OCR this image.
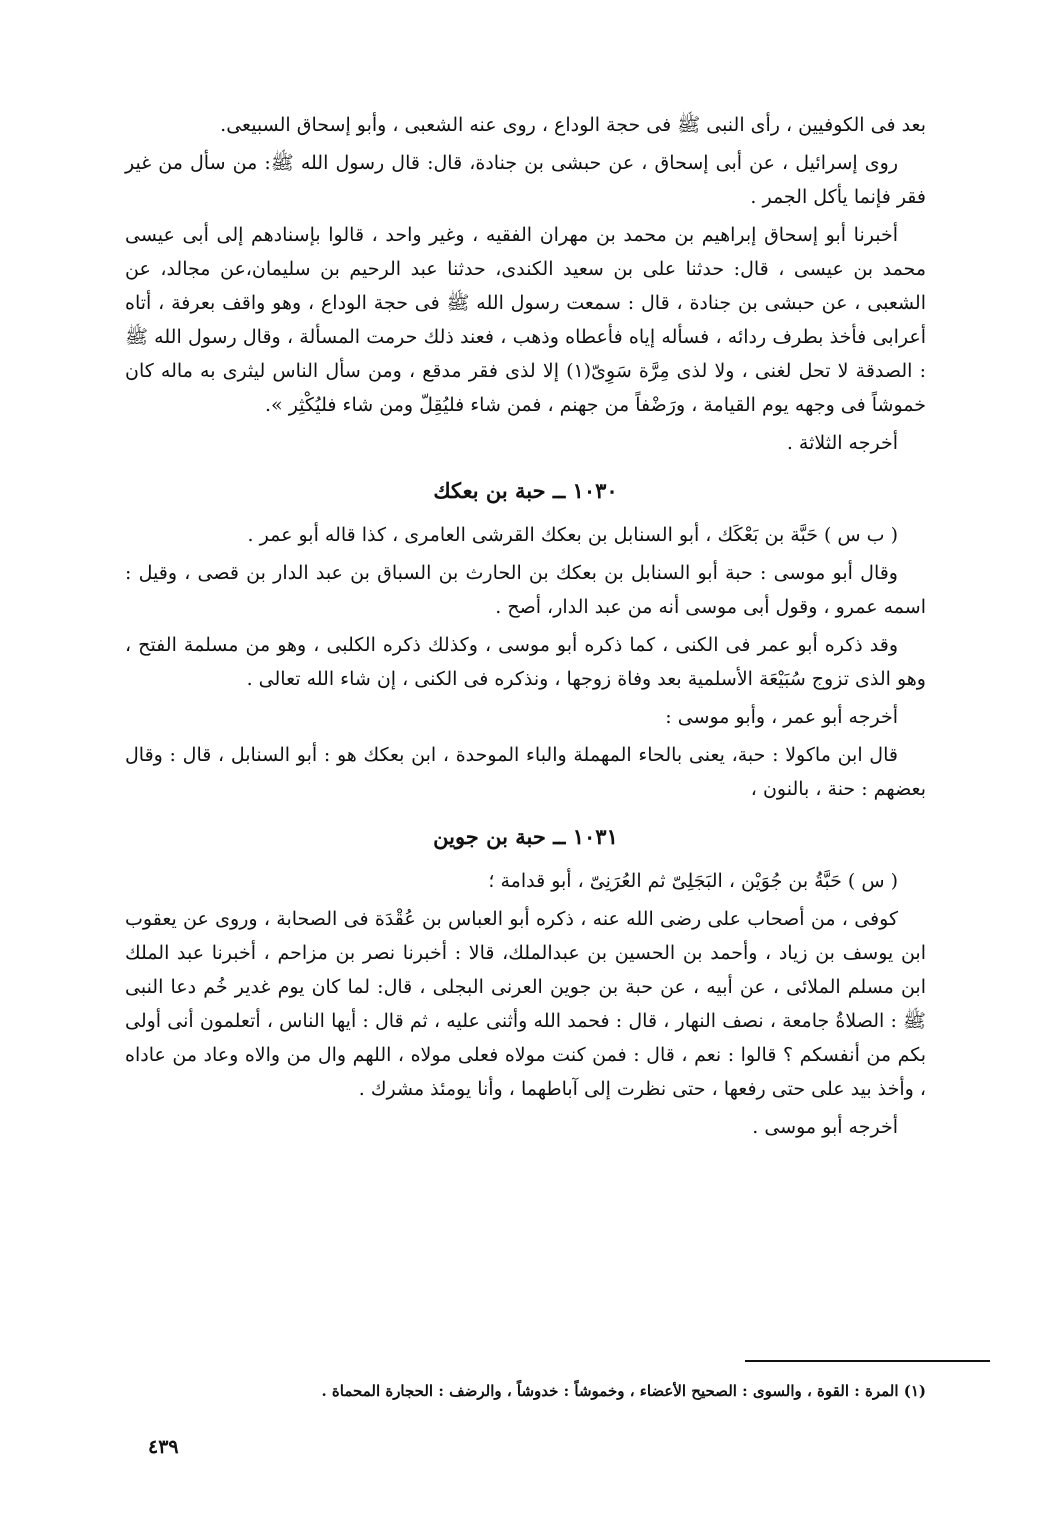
بعد فى الكوفيين ، رأى النبى ﷺ فى حجة الوداع ، روى عنه الشعبى ، وأبو إسحاق السبيعى.

روى إسرائيل ، عن أبى إسحاق ، عن حبشى بن جنادة، قال: قال رسول الله ﷺ: من سأل من غير فقر فإنما يأكل الجمر .

أخبرنا أبو إسحاق إبراهيم بن محمد بن مهران الفقيه ، وغير واحد ، قالوا بإسنادهم إلى أبى عيسى محمد بن عيسى ، قال: حدثنا على بن سعيد الكندى، حدثنا عبد الرحيم بن سليمان،عن مجالد، عن الشعبى ، عن حبشى بن جنادة ، قال : سمعت رسول الله ﷺ فى حجة الوداع ، وهو واقف بعرفة ، أتاه أعرابى فأخذ بطرف ردائه ، فسأله إياه فأعطاه وذهب ، فعند ذلك حرمت المسألة ، وقال رسول الله ﷺ : الصدقة لا تحل لغنى ، ولا لذى مِرَّة سَوِىّ(١) إلا لذى فقر مدقع ، ومن سأل الناس ليثرى به ماله كان خموشاً فى وجهه يوم القيامة ، ورَضْفاً من جهنم ، فمن شاء فليُقِلّ ومن شاء فليُكْثِر ».

أخرجه الثلاثة .

١٠٣٠ ــ حبة بن بعكك

( ب س ) حَبَّة بن بَعْكَك ، أبو السنابل بن بعكك القرشى العامرى ، كذا قاله أبو عمر .

وقال أبو موسى : حبة أبو السنابل بن بعكك بن الحارث بن السباق بن عبد الدار بن قصى ، وقيل : اسمه عمرو ، وقول أبى موسى أنه من عبد الدار، أصح .

وقد ذكره أبو عمر فى الكنى ، كما ذكره أبو موسى ، وكذلك ذكره الكلبى ، وهو من مسلمة الفتح ، وهو الذى تزوج سُبَيْعَة الأسلمية بعد وفاة زوجها ، ونذكره فى الكنى ، إن شاء الله تعالى .

أخرجه أبو عمر ، وأبو موسى :

قال ابن ماكولا : حبة، يعنى بالحاء المهملة والباء الموحدة ، ابن بعكك هو : أبو السنابل ، قال : وقال بعضهم : حنة ، بالنون ،

١٠٣١ ــ حبة بن جوين

( س ) حَبَّةُ بن جُوَيْن ، البَجَلِىّ ثم العُرَنِىّ ، أبو قدامة ؛

كوفى ، من أصحاب على رضى الله عنه ، ذكره أبو العباس بن عُقْدَة فى الصحابة ، وروى عن يعقوب ابن يوسف بن زياد ، وأحمد بن الحسين بن عبدالملك، قالا : أخبرنا نصر بن مزاحم ، أخبرنا عبد الملك ابن مسلم الملائى ، عن أبيه ، عن حبة بن جوين العرنى البجلى ، قال: لما كان يوم غدير خُم دعا النبى ﷺ : الصلاةُ جامعة ، نصف النهار ، قال : فحمد الله وأثنى عليه ، ثم قال : أيها الناس ، أتعلمون أنى أولى بكم من أنفسكم ؟ قالوا : نعم ، قال : فمن كنت مولاه فعلى مولاه ، اللهم وال من والاه وعاد من عاداه ، وأخذ بيد على حتى رفعها ، حتى نظرت إلى آباطهما ، وأنا يومئذ مشرك .

أخرجه أبو موسى .

(١) المرة : القوة ، والسوى : الصحيح الأعضاء ، وخموشاً : خدوشاً ، والرضف : الحجارة المحماة .
٤٣٩
